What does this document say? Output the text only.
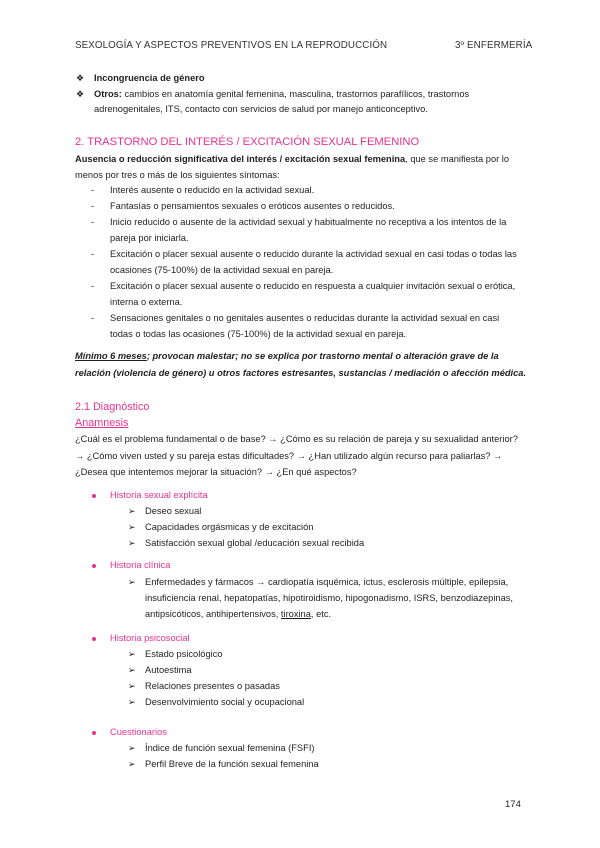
SEXOLOGÍA Y ASPECTOS PREVENTIVOS EN LA REPRODUCCIÓN	3º ENFERMERÍA
❖ Incongruencia de género
❖ Otros: cambios en anatomía genital femenina, masculina, trastornos parafílicos, trastornos
adrenogenitales, ITS, contacto con servicios de salud por manejo anticonceptivo.
2. TRASTORNO DEL INTERÉS / EXCITACIÓN SEXUAL FEMENINO
Ausencia o reducción significativa del interés / excitación sexual femenina, que se manifiesta por lo
menos por tres o más de los siguientes síntomas:
- Interés ausente o reducido en la actividad sexual.
- Fantasías o pensamientos sexuales o eróticos ausentes o reducidos.
- Inicio reducido o ausente de la actividad sexual y habitualmente no receptiva a los intentos de la
pareja por iniciarla.
- Excitación o placer sexual ausente o reducido durante la actividad sexual en casi todas o todas las
ocasiones (75-100%) de la actividad sexual en pareja.
- Excitación o placer sexual ausente o reducido en respuesta a cualquier invitación sexual o erótica,
interna o externa.
- Sensaciones genitales o no genitales ausentes o reducidas durante la actividad sexual en casi
todas o todas las ocasiones (75-100%) de la actividad sexual en pareja.
Mínimo 6 meses; provocan malestar; no se explica por trastorno mental o alteración grave de la
relación (violencia de género) u otros factores estresantes, sustancias / mediación o afección médica.
2.1 Diagnóstico
Anamnesis
¿Cuál es el problema fundamental o de base? → ¿Cómo es su relación de pareja y su sexualidad anterior?
→ ¿Cómo viven usted y su pareja estas dificultades? → ¿Han utilizado algún recurso para paliarlas? →
¿Desea que intentemos mejorar la situación? → ¿En qué aspectos?
Historia sexual explícita
➢ Deseo sexual
➢ Capacidades orgásmicas y de excitación
➢ Satisfacción sexual global /educación sexual recibida
Historia clínica
➢ Enfermedades y fármacos → cardiopatía isquémica, ictus, esclerosis múltiple, epilepsia,
insuficiencia renal, hepatopatías, hipotiroidismo, hipogonadismo, ISRS, benzodiazepinas,
antipsicóticos, antihipertensivos, tiroxina, etc.
Historia psicosocial
➢ Estado psicológico
➢ Autoestima
➢ Relaciones presentes o pasadas
➢ Desenvolvimiento social y ocupacional
Cuestionarios
➢ Índice de función sexual femenina (FSFI)
➢ Perfil Breve de la función sexual femenina
174
